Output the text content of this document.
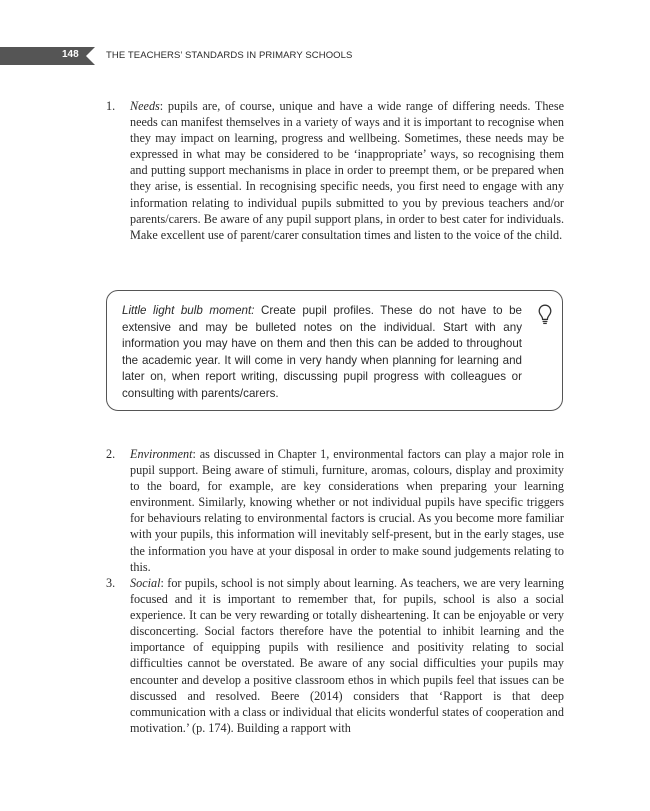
148	THE TEACHERS’ STANDARDS IN PRIMARY SCHOOLS
1. Needs: pupils are, of course, unique and have a wide range of differing needs. These needs can manifest themselves in a variety of ways and it is important to recognise when they may impact on learning, progress and wellbeing. Sometimes, these needs may be expressed in what may be considered to be ‘inappropriate’ ways, so recognising them and putting support mechanisms in place in order to preempt them, or be prepared when they arise, is essential. In recognising specific needs, you first need to engage with any information relating to individual pupils submitted to you by previous teachers and/or parents/carers. Be aware of any pupil support plans, in order to best cater for individuals. Make excellent use of parent/carer consultation times and listen to the voice of the child.
Little light bulb moment: Create pupil profiles. These do not have to be extensive and may be bulleted notes on the individual. Start with any information you may have on them and then this can be added to throughout the academic year. It will come in very handy when planning for learning and later on, when report writing, discussing pupil progress with colleagues or consulting with parents/carers.
2. Environment: as discussed in Chapter 1, environmental factors can play a major role in pupil support. Being aware of stimuli, furniture, aromas, colours, display and proximity to the board, for example, are key considerations when preparing your learning environment. Similarly, knowing whether or not individual pupils have specific triggers for behaviours relating to environmental factors is crucial. As you become more familiar with your pupils, this information will inevitably self-present, but in the early stages, use the information you have at your disposal in order to make sound judgements relating to this.
3. Social: for pupils, school is not simply about learning. As teachers, we are very learning focused and it is important to remember that, for pupils, school is also a social experience. It can be very rewarding or totally disheartening. It can be enjoyable or very disconcerting. Social factors therefore have the potential to inhibit learning and the importance of equipping pupils with resilience and positivity relating to social difficulties cannot be overstated. Be aware of any social difficulties your pupils may encounter and develop a positive classroom ethos in which pupils feel that issues can be discussed and resolved. Beere (2014) considers that ‘Rapport is that deep communication with a class or individual that elicits wonderful states of cooperation and motivation.’ (p. 174). Building a rapport with
